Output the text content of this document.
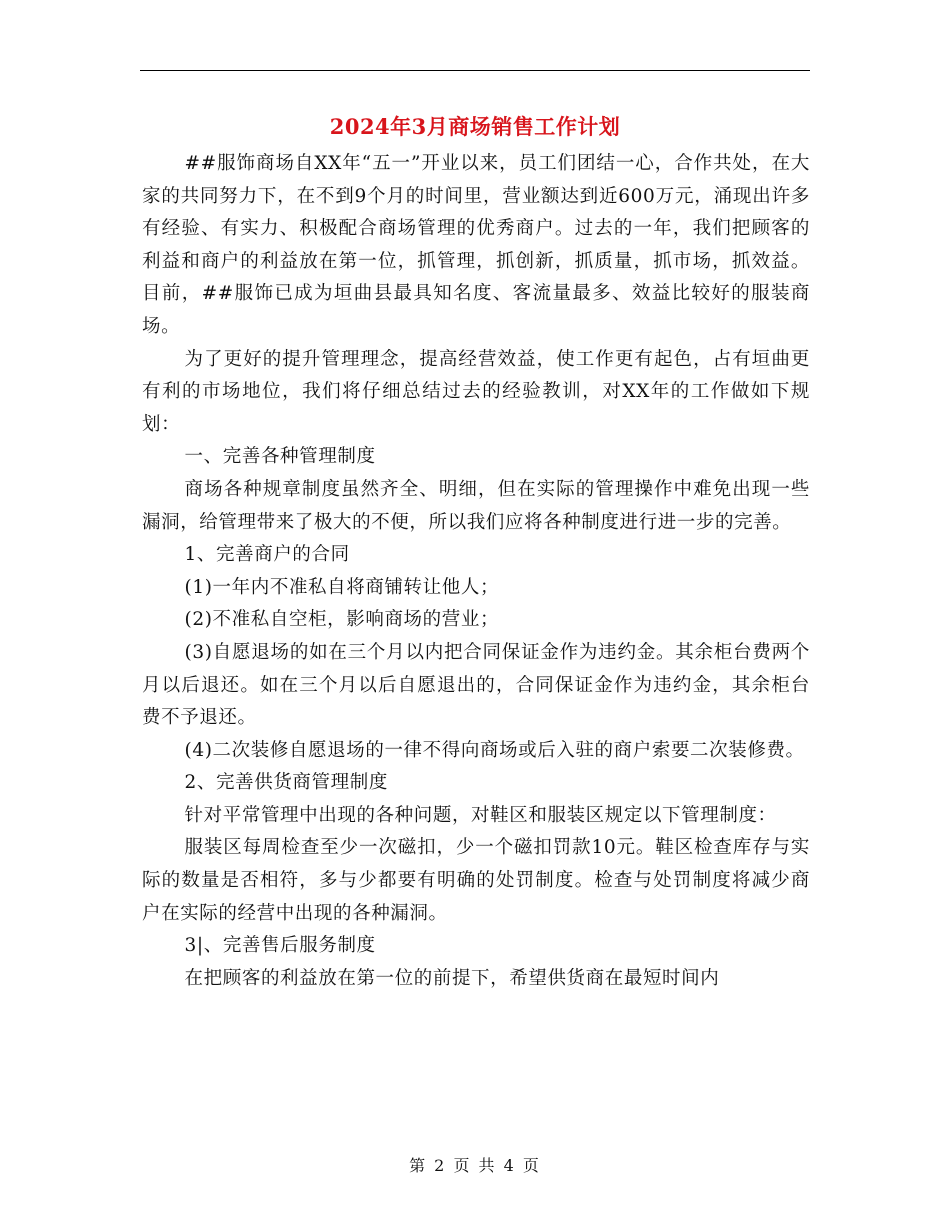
2024年3月商场销售工作计划

##服饰商场自XX年“五一”开业以来，员工们团结一心，合作共处，在大家的共同努力下，在不到9个月的时间里，营业额达到近600万元，涌现出许多有经验、有实力、积极配合商场管理的优秀商户。过去的一年，我们把顾客的利益和商户的利益放在第一位，抓管理，抓创新，抓质量，抓市场，抓效益。目前，##服饰已成为垣曲县最具知名度、客流量最多、效益比较好的服装商场。

为了更好的提升管理理念，提高经营效益，使工作更有起色，占有垣曲更有利的市场地位，我们将仔细总结过去的经验教训，对XX年的工作做如下规划：

一、完善各种管理制度

商场各种规章制度虽然齐全、明细，但在实际的管理操作中难免出现一些漏洞，给管理带来了极大的不便，所以我们应将各种制度进行进一步的完善。

1、完善商户的合同

(1)一年内不准私自将商铺转让他人；

(2)不准私自空柜，影响商场的营业；

(3)自愿退场的如在三个月以内把合同保证金作为违约金。其余柜台费两个月以后退还。如在三个月以后自愿退出的，合同保证金作为违约金，其余柜台费不予退还。

(4)二次装修自愿退场的一律不得向商场或后入驻的商户索要二次装修费。

2、完善供货商管理制度

针对平常管理中出现的各种问题，对鞋区和服装区规定以下管理制度：

服装区每周检查至少一次磁扣，少一个磁扣罚款10元。鞋区检查库存与实际的数量是否相符，多与少都要有明确的处罚制度。检查与处罚制度将减少商户在实际的经营中出现的各种漏洞。

3|、完善售后服务制度

在把顾客的利益放在第一位的前提下，希望供货商在最短时间内

第 2 页 共 4 页
